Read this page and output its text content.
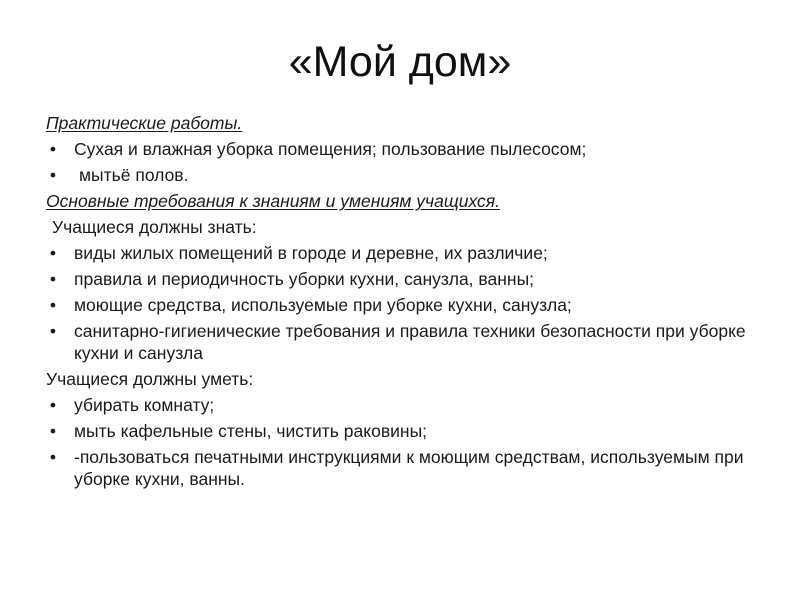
«Мой дом»
Практические работы.
• Сухая и влажная уборка помещения; пользование пылесосом;
• мытьё полов.
Основные требования к знаниям и умениям учащихся.
Учащиеся должны знать:
• виды жилых помещений в городе и деревне, их различие;
• правила и периодичность уборки кухни, санузла, ванны;
• моющие средства, используемые при уборке кухни, санузла;
• санитарно-гигиенические требования и правила техники безопасности при уборке кухни и санузла
Учащиеся должны уметь:
• убирать комнату;
• мыть кафельные стены, чистить раковины;
• -пользоваться печатными инструкциями к моющим средствам, используемым при уборке кухни, ванны.
